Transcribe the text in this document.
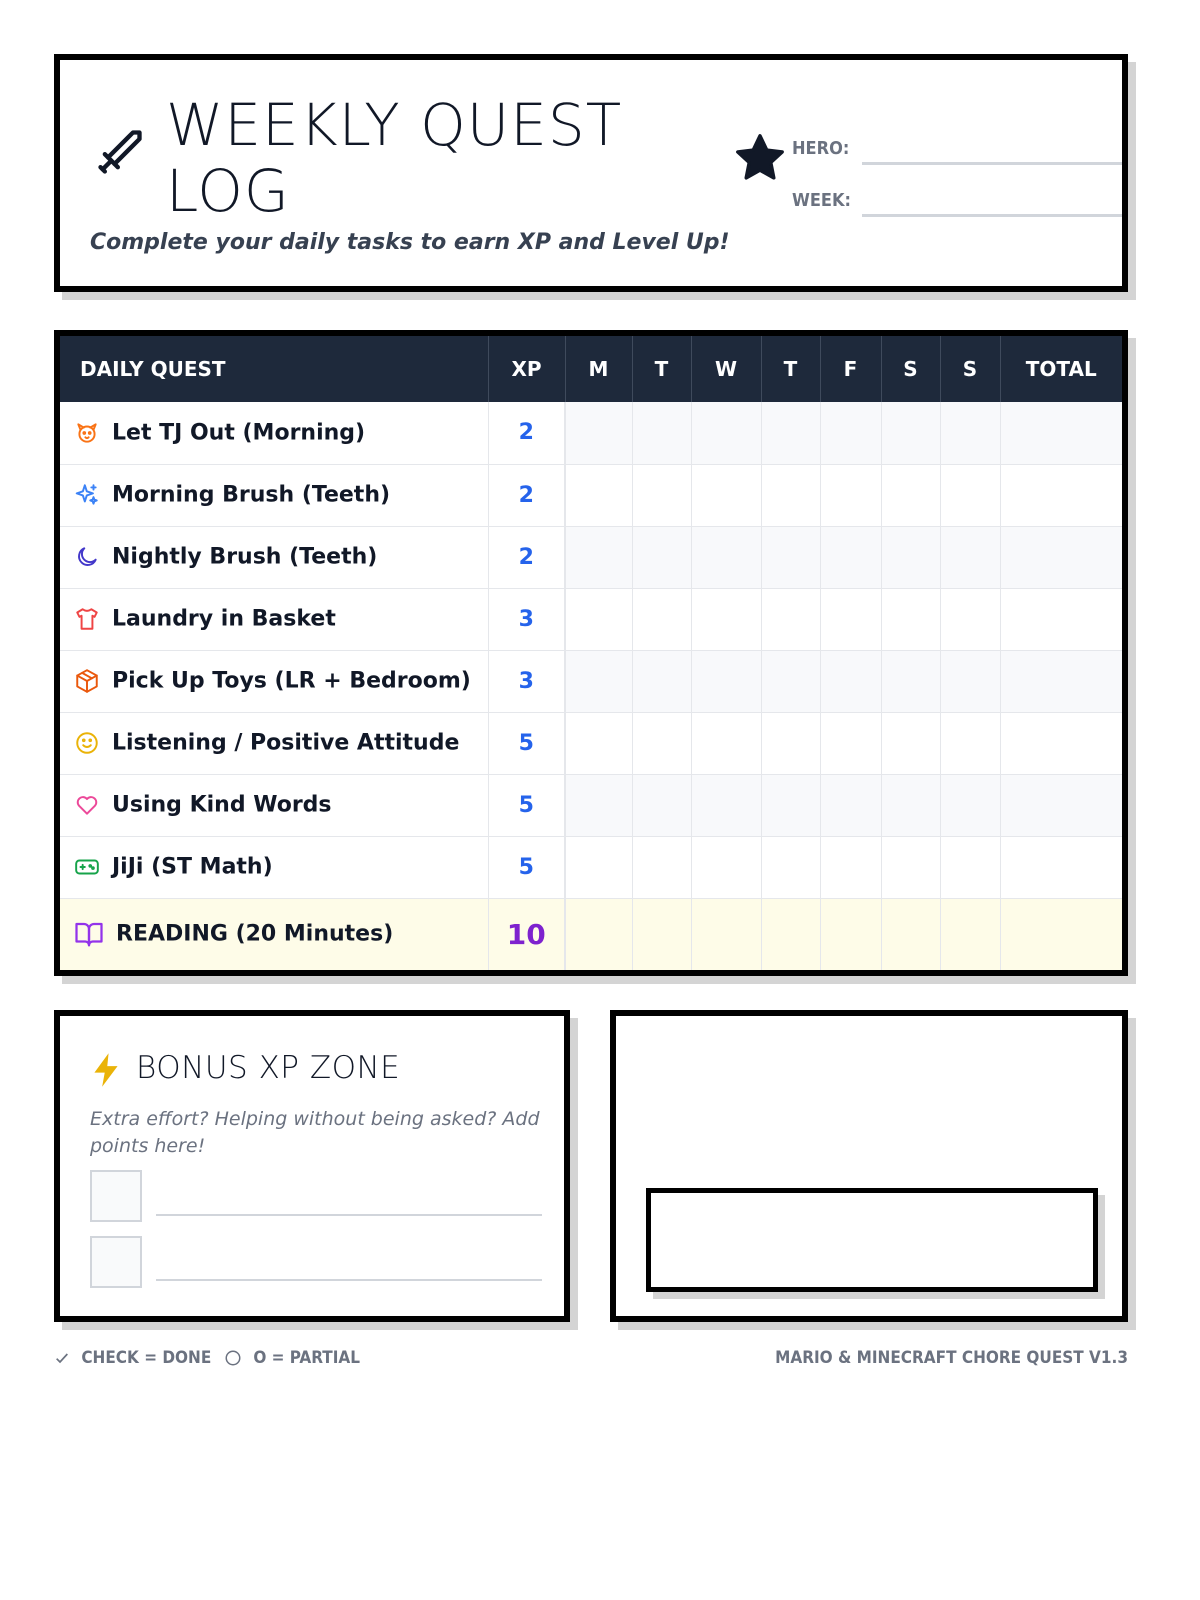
WEEKLY QUEST LOG
Complete your daily tasks to earn XP and Level Up!
HERO:
WEEK:
DAILY QUEST	XP	M	T	W	T	F	S	S	TOTAL
Let TJ Out (Morning)	2								
Morning Brush (Teeth)	2								
Nightly Brush (Teeth)	2								
Laundry in Basket	3								
Pick Up Toys (LR + Bedroom)	3								
Listening / Positive Attitude	5								
Using Kind Words	5								
JiJi (ST Math)	5								
READING (20 Minutes)	10								
BONUS XP ZONE
Extra effort? Helping without being asked? Add points here!
CHECK = DONE	O = PARTIAL	MARIO & MINECRAFT CHORE QUEST V1.3
